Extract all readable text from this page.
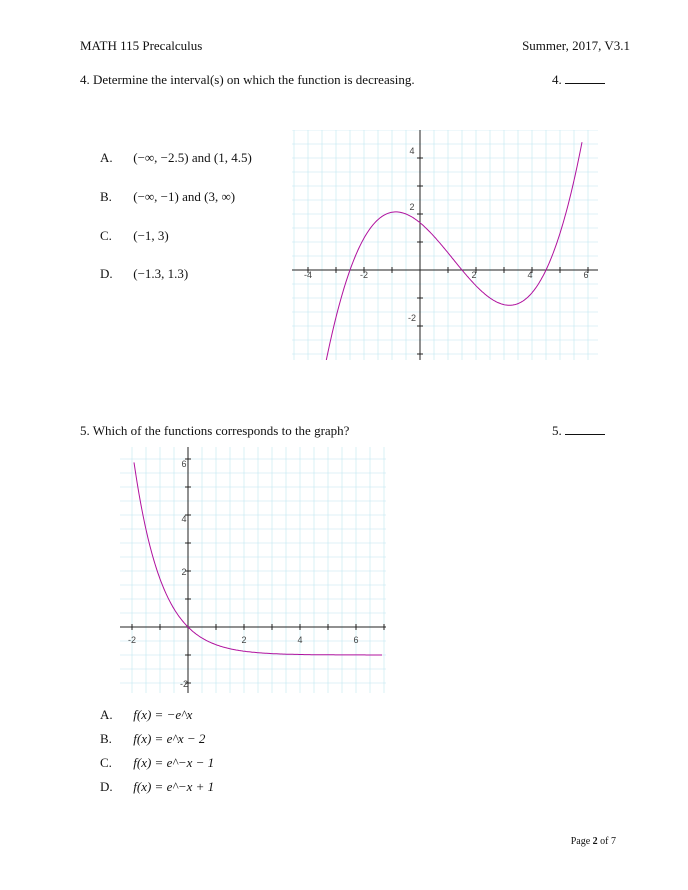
MATH 115 Precalculus	Summer, 2017, V3.1
4. Determine the interval(s) on which the function is decreasing.	4.
A. (−∞, −2.5) and (1, 4.5)
B. (−∞, −1) and (3, ∞)
C. (−1, 3)
D. (−1.3, 1.3)	-4	-2	2	4	6
4
2
-2
5. Which of the functions corresponds to the graph?	5.
-2	2	4	6
6
4
2
-2
A. f(x) = −e^x
B. f(x) = e^x − 2
C. f(x) = e^−x − 1
D. f(x) = e^−x + 1
Page 2 of 7
